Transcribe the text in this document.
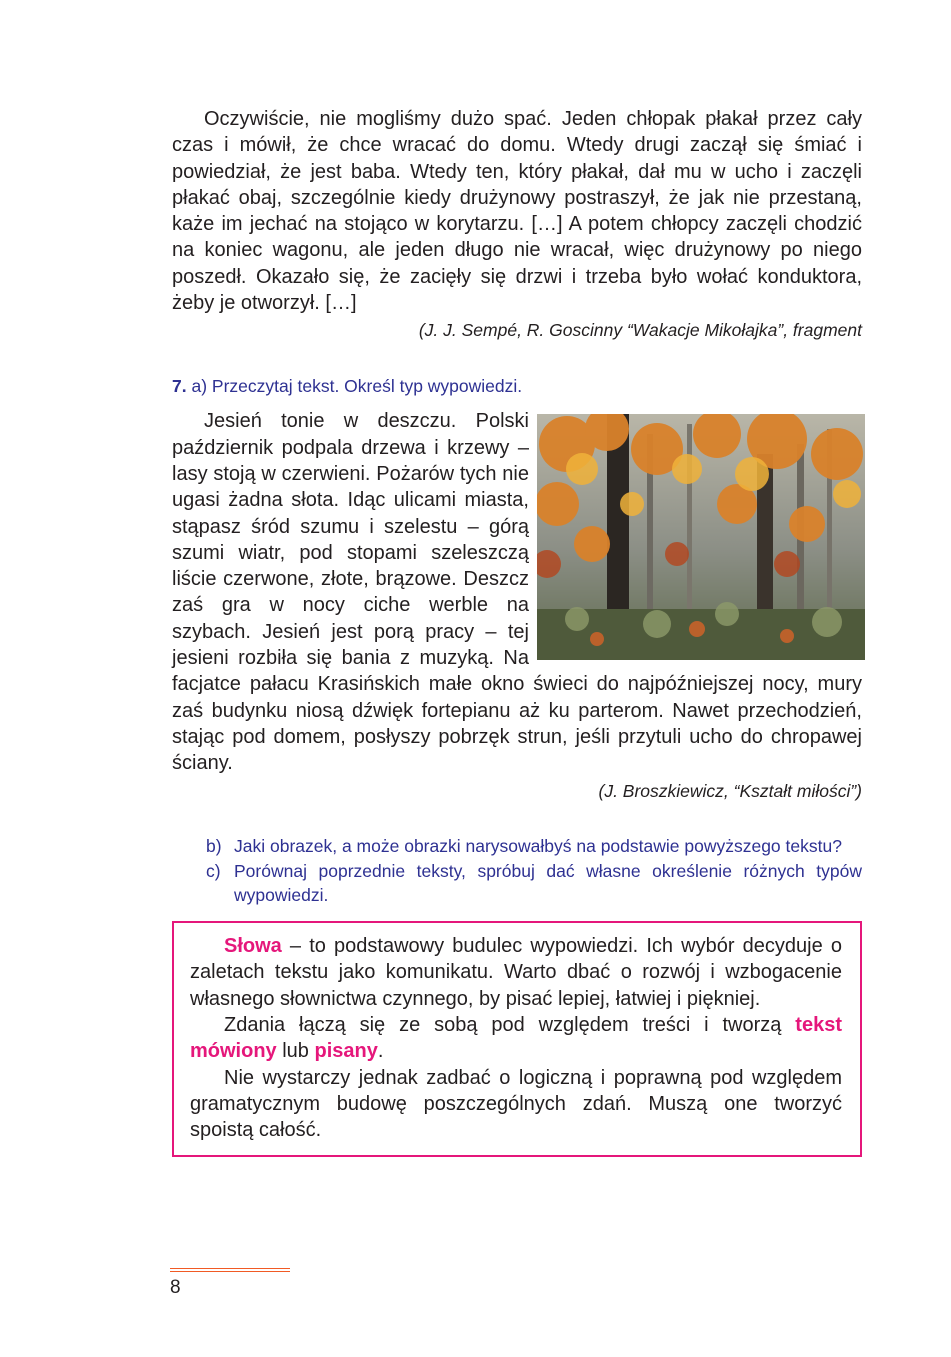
Oczywiście, nie mogliśmy dużo spać. Jeden chłopak płakał przez cały czas i mówił, że chce wracać do domu. Wtedy drugi zaczął się śmiać i powiedział, że jest baba. Wtedy ten, który płakał, dał mu w ucho i zaczęli płakać obaj, szczególnie kiedy drużynowy postraszył, że jak nie przestaną, każe im jechać na stojąco w korytarzu. […] A potem chłopcy zaczęli chodzić na koniec wagonu, ale jeden długo nie wracał, więc drużynowy po niego poszedł. Okazało się, że zacięły się drzwi i trzeba było wołać konduktora, żeby je otworzył. […]

(J. J. Sempé, R. Goscinny “Wakacje Mikołajka”, fragment

7. a) Przeczytaj tekst. Określ typ wypowiedzi.

Jesień tonie w deszczu. Polski październik podpala drzewa i krzewy – lasy stoją w czerwieni. Pożarów tych nie ugasi żadna słota. Idąc ulicami miasta, stąpasz śród szumu i szelestu – górą szumi wiatr, pod stopami szeleszczą liście czerwone, złote, brązowe. Deszcz zaś gra w nocy ciche werble na szybach. Jesień jest porą pracy – tej jesieni rozbiła się bania z muzyką. Na facjatce pałacu Krasińskich małe okno świeci do najpóźniejszej nocy, mury zaś budynku niosą dźwięk fortepianu aż ku parterom. Nawet przechodzień, stając pod domem, posłyszy pobrzęk strun, jeśli przytuli ucho do chropawej ściany.

(J. Broszkiewicz, “Kształt miłości”)

b) Jaki obrazek, a może obrazki narysowałbyś na podstawie powyższego tekstu?
c) Porównaj poprzednie teksty, spróbuj dać własne określenie różnych typów wypowiedzi.

Słowa – to podstawowy budulec wypowiedzi. Ich wybór decyduje o zaletach tekstu jako komunikatu. Warto dbać o rozwój i wzbogacenie własnego słownictwa czynnego, by pisać lepiej, łatwiej i piękniej.

Zdania łączą się ze sobą pod względem treści i tworzą tekst mówiony lub pisany.

Nie wystarczy jednak zadbać o logiczną i poprawną pod względem gramatycznym budowę poszczególnych zdań. Muszą one tworzyć spoistą całość.

8
